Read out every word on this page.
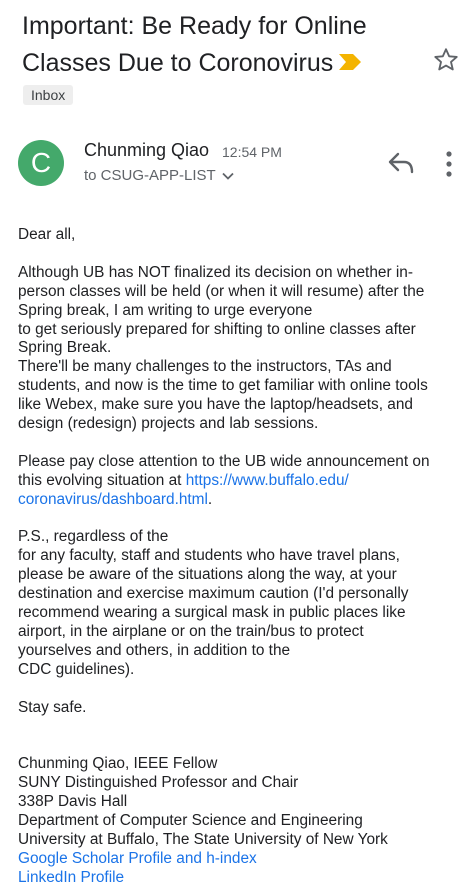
Important: Be Ready for Online Classes Due to Coronovirus
Inbox
C	Chunming Qiao 12:54 PM
to CSUG-APP-LIST

Dear all,

Although UB has NOT finalized its decision on whether in-

person classes will be held (or when it will resume) after the

Spring break, I am writing to urge everyone

to get seriously prepared for shifting to online classes after

Spring Break.

There'll be many challenges to the instructors, TAs and

students, and now is the time to get familiar with online tools

like Webex, make sure you have the laptop/headsets, and

design (redesign) projects and lab sessions.

Please pay close attention to the UB wide announcement on

this evolving situation at https://www.buffalo.edu/

coronavirus/dashboard.html.

P.S., regardless of the

for any faculty, staff and students who have travel plans,

please be aware of the situations along the way, at your

destination and exercise maximum caution (I'd personally

recommend wearing a surgical mask in public places like

airport, in the airplane or on the train/bus to protect

yourselves and others, in addition to the

CDC guidelines).

Stay safe.

Chunming Qiao, IEEE Fellow

SUNY Distinguished Professor and Chair

338P Davis Hall

Department of Computer Science and Engineering

University at Buffalo, The State University of New York

Google Scholar Profile and h-index

LinkedIn Profile
